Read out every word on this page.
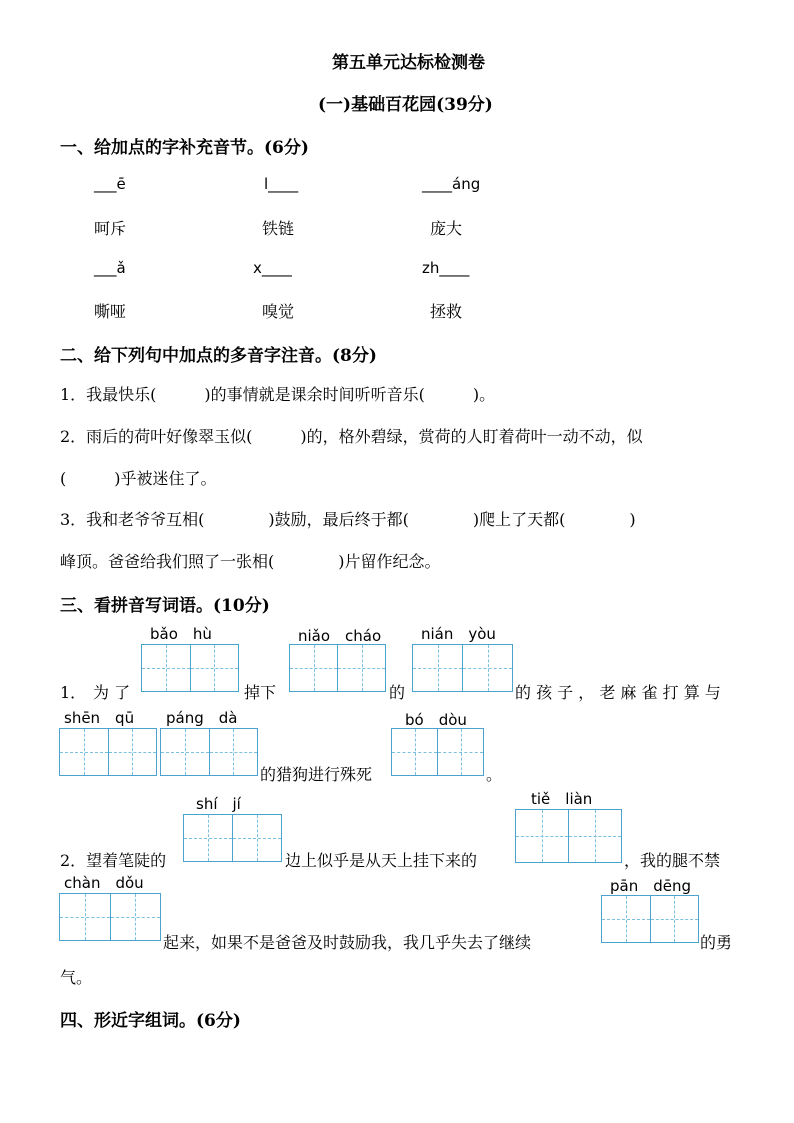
第五单元达标检测卷
(一)基础百花园(39分)
一、给加点的字补充音节。(6分)
___ē	l____	____áng
呵斥	铁链	庞大
___ǎ	x____	zh____
嘶哑	嗅觉	拯救
二、给下列句中加点的多音字注音。(8分)
1．我最快乐(　　　)的事情就是课余时间听听音乐(　　　)。
2．雨后的荷叶好像翠玉似(　　　)的，格外碧绿，赏荷的人盯着荷叶一动不动，似
(　　　)乎被迷住了。
3．我和老爷爷互相(　　　　)鼓励，最后终于都(　　　　)爬上了天都(　　　　)
峰顶。爸爸给我们照了一张相(　　　　)片留作纪念。
三、看拼音写词语。(10分)
bǎo　hù	niǎo　cháo	nián　yòu
1． 为 了	掉下	的	的 孩 子 ， 老 麻 雀 打 算 与
shēn　qū páng　dà	bó　dòu
的猎狗进行殊死	。
shí　jí	tiě　liàn
2．望着笔陡的	边上似乎是从天上挂下来的	，我的腿不禁
chàn　dǒu	pān　dēng
起来，如果不是爸爸及时鼓励我，我几乎失去了继续	的勇
气。
四、形近字组词。(6分)
